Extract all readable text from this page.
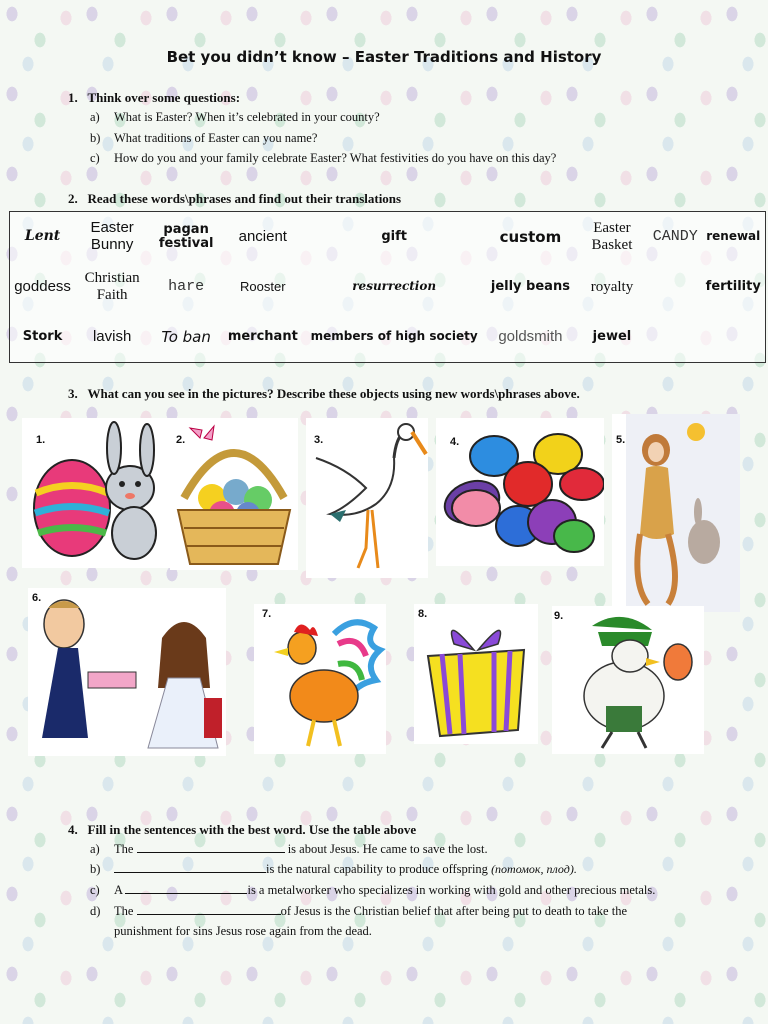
Bet you didn’t know – Easter Traditions and History
1.   Think over some questions:
a) What is Easter? When it’s celebrated in your county?
b) What traditions of Easter can you name?
c) How do you and your family celebrate Easter? What festivities do you have on this day?
2.   Read these words\phrases and find out their translations
Lent	Easter Bunny	pagan festival	ancient	gift	custom	Easter Basket	CANDY	renewal
goddess	Christian Faith	hare	Rooster	resurrection	jelly beans	royalty		fertility
Stork	lavish	To ban	merchant	members of high society	goldsmith	jewel		
3.   What can you see in the pictures? Describe these objects using new words\phrases above.
1.	2.	3.	4.	5.
6.
7.	8.	9.
4.   Fill in the sentences with the best word. Use the table above
a) The	is about Jesus. He came to save the lost.
b)	is the natural capability to produce offspring (потомок, плод).
c) A	is a metalworker who specializes in working with gold and other precious metals.
d) The	of Jesus is the Christian belief that after being put to death to take the
punishment for sins Jesus rose again from the dead.
